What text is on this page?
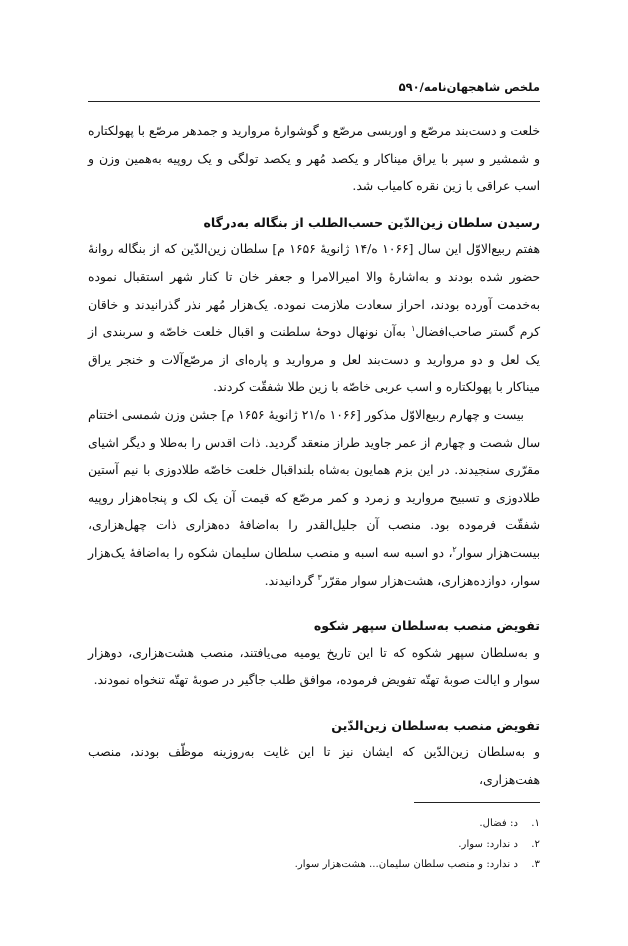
ملخص شاهجهان‌نامه/۵۹۰

خلعت و دست‌بند مرصّع و اوربسی مرصّع و گوشوارۀ مروارید و جمدهر مرصّع با پهولکتاره و شمشیر و سپر با یراق میناکار و یکصد مُهر و یکصد تولگی و یک روپیه به‌همین وزن و اسب عراقی با زین نقره کامیاب شد.

رسیدن سلطان زین‌الدّین حسب‌الطلب از بنگاله به‌درگاه

هفتم ربیع‌الاوّل این سال [۱۰۶۶ ه/۱۴ ژانویۀ ۱۶۵۶ م] سلطان زین‌الدّین که از بنگاله روانۀ حضور شده بودند و به‌اشارۀ والا امیرالامرا و جعفر خان تا کنار شهر استقبال نموده به‌خدمت آورده بودند، احراز سعادت ملازمت نموده. یک‌هزار مُهر نذر گذرانیدند و خاقان کرم گستر صاحب‌افضال$^۱$ به‌آن نونهال دوحۀ سلطنت و اقبال خلعت خاصّه و سربندی از یک لعل و دو مروارید و دست‌بند لعل و مروارید و پاره‌ای از مرصّع‌آلات و خنجر یراق میناکار با پهولکتاره و اسب عربی خاصّه با زین طلا شفقّت کردند.

بیست و چهارم ربیع‌الاوّل مذکور [۱۰۶۶ ه/۲۱ ژانویۀ ۱۶۵۶ م] جشن وزن شمسی اختتام سال شصت و چهارم از عمر جاوید طراز منعقد گردید. ذات اقدس را به‌طلا و دیگر اشیای مقرّری سنجیدند. در این بزم همایون به‌شاه بلنداقبال خلعت خاصّه طلادوزی با نیم آستین طلادوزی و تسبیح مروارید و زمرد و کمر مرصّع که قیمت آن یک لک و پنجاه‌هزار روپیه شفقّت فرموده بود. منصب آن جلیل‌القدر را به‌اضافۀ ده‌هزاری ذات چهل‌هزاری، بیست‌هزار سوار$^۲$، دو اسبه سه اسبه و منصب سلطان سلیمان شکوه را به‌اضافۀ یک‌هزار سوار، دوازده‌هزاری، هشت‌هزار سوار مقرّر$^۳$ گردانیدند.

تفویض منصب به‌سلطان سپهر شکوه

و به‌سلطان سپهر شکوه که تا این تاریخ یومیه می‌یافتند، منصب هشت‌هزاری، دوهزار سوار و ایالت صوبۀ تهتّه تفویض فرموده، موافق طلب جاگیر در صوبۀ تهتّه تنخواه نمودند.

تفویض منصب به‌سلطان زین‌الدّین

و به‌سلطان زین‌الدّین که ایشان نیز تا این غایت به‌روزینه موظّف بودند، منصب هفت‌هزاری،

۱.
د: فضال.
۲.
د ندارد: سوار.
۳.
د ندارد: و منصب سلطان سلیمان... هشت‌هزار سوار.
